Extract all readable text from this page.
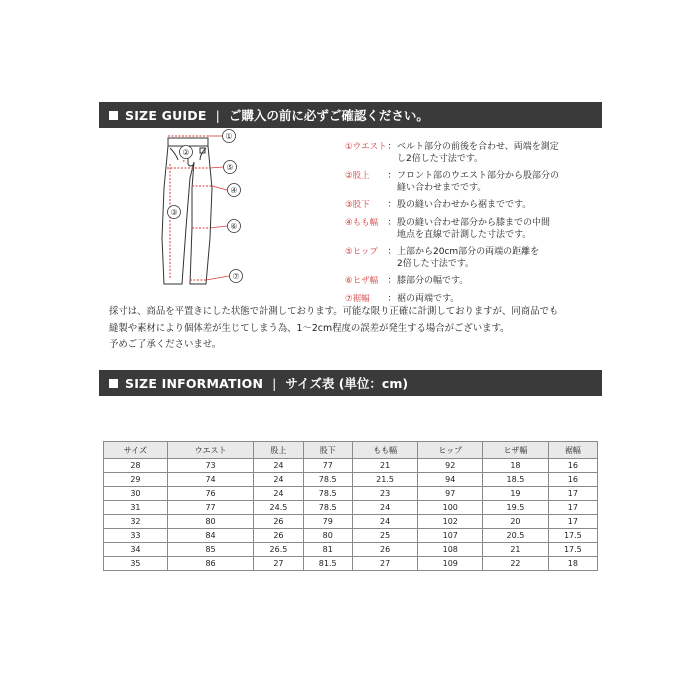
SIZE GUIDE | ご購入の前に必ずご確認ください。
①
②
③
④
⑤
⑥
⑦
①ウエスト ： ベルト部分の前後を合わせ、両端を測定
し2倍した寸法です。
②股上	： フロント部のウエスト部分から股部分の
縫い合わせまでです。
③股下	： 股の縫い合わせから裾までです。
④もも幅	： 股の縫い合わせ部分から膝までの中間
地点を直線で計測した寸法です。
⑤ヒップ	： 上部から20cm部分の両端の距離を
2倍した寸法です。
⑥ヒザ幅	： 膝部分の幅です。
⑦裾幅	： 裾の両端です。
採寸は、商品を平置きにした状態で計測しております。可能な限り正確に計測しておりますが、同商品でも
縫製や素材により個体差が生じてしまう為、1〜2cm程度の誤差が発生する場合がございます。
予めご了承くださいませ。
SIZE INFORMATION | サイズ表 (単位：cm)
サイズ	ウエスト	股上	股下	もも幅	ヒップ	ヒザ幅	裾幅
28	73	24	77	21	92	18	16
29	74	24	78.5	21.5	94	18.5	16
30	76	24	78.5	23	97	19	17
31	77	24.5	78.5	24	100	19.5	17
32	80	26	79	24	102	20	17
33	84	26	80	25	107	20.5	17.5
34	85	26.5	81	26	108	21	17.5
35	86	27	81.5	27	109	22	18
